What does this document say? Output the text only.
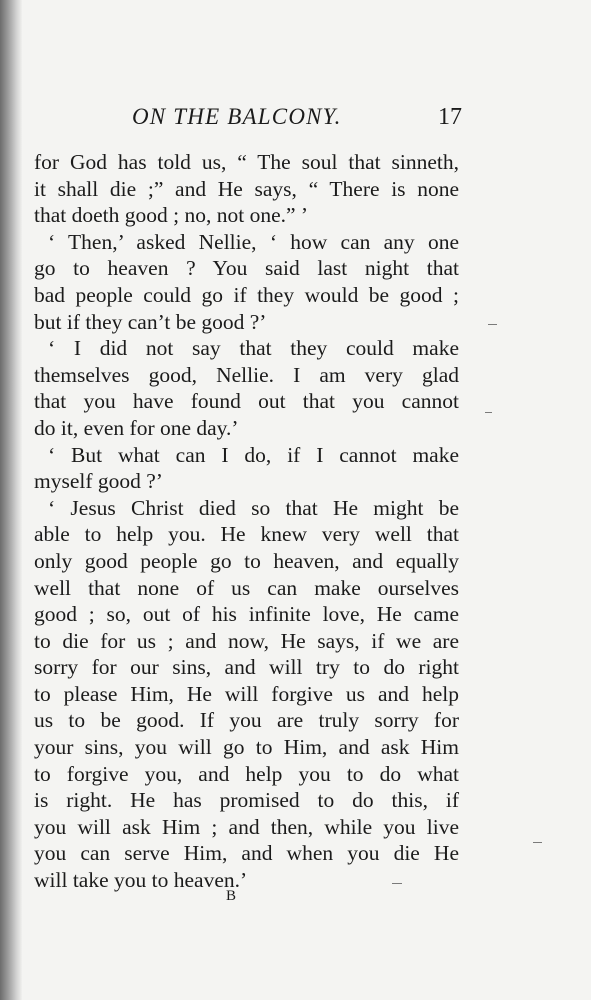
ON THE BALCONY.	17
for God has told us, “ The soul that sinneth,
it shall die ;” and He says, “ There is none
that doeth good ; no, not one.” ’
‘ Then,’ asked Nellie, ‘ how can any one
go to heaven ? You said last night that
bad people could go if they would be good ;
but if they can’t be good ?’
‘ I did not say that they could make
themselves good, Nellie. I am very glad
that you have found out that you cannot
do it, even for one day.’
‘ But what can I do, if I cannot make
myself good ?’
‘ Jesus Christ died so that He might be
able to help you. He knew very well that
only good people go to heaven, and equally
well that none of us can make ourselves
good ; so, out of his infinite love, He came
to die for us ; and now, He says, if we are
sorry for our sins, and will try to do right
to please Him, He will forgive us and help
us to be good. If you are truly sorry for
your sins, you will go to Him, and ask Him
to forgive you, and help you to do what
is right. He has promised to do this, if
you will ask Him ; and then, while you live
you can serve Him, and when you die He
will take you to heaven.’
B
